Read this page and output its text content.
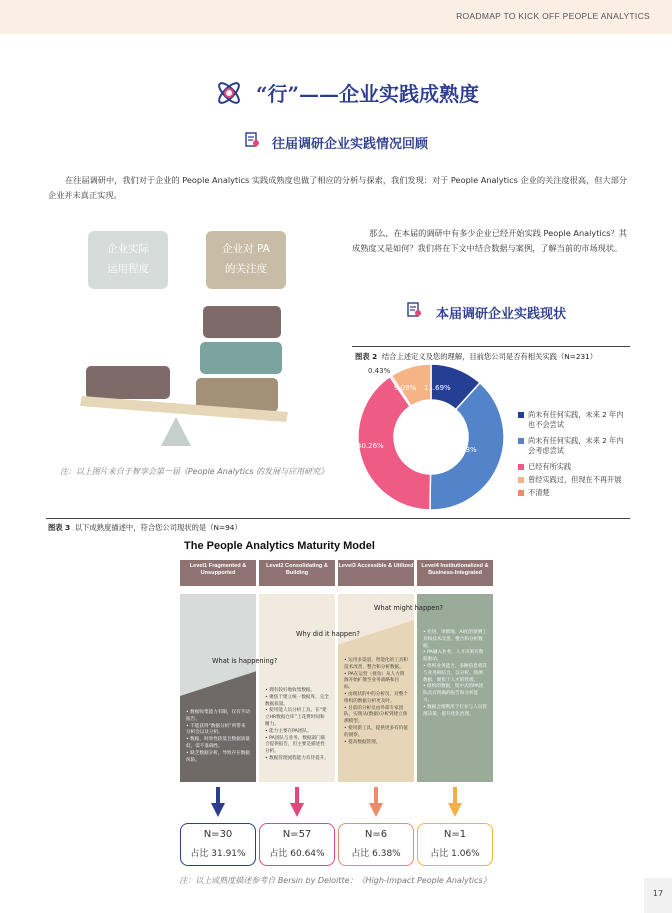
ROADMAP TO KICK OFF PEOPLE ANALYTICS
“行”——企业实践成熟度
往届调研企业实践情况回顾
在往届调研中，我们对于企业的 People Analytics 实践成熟度也做了相应的分析与探索，我们发现：对于 People Analytics 企业的关注度很高，但大部分企业并未真正实现。
企业实际运用程度
企业对 PA 的关注度
注：以上图片来自于智享会第一届《People Analytics 的发展与应用研究》
那么，在本届的调研中有多少企业已经开始实践 People Analytics？其成熟度又是如何？我们将在下文中结合数据与案例，了解当前的市场现状。
本届调研企业实践现状
图表 2 结合上述定义及您的理解，目前您公司是否有相关实践（N=231）
11.69%
38.53%
40.26%
0.43%
9.09%
尚未有任何实践，未来 2 年内也不会尝试
尚未有任何实践，未来 2 年内会考虑尝试
已经有所实践
曾经实践过，但现在不再开展
不清楚
图表 3 以下成熟度描述中，符合您公司现状的是（N=94）
The People Analytics Maturity Model
Level1 Fragmented & Unsupported
• 数据收集能力有限，仅有手动报告。
• 不能获得“数据分析”所带来分析会以及分析。
• 数据，时效性较低且数据质量低，需不准确性。
• 缺乏数据分析，导致存在数据风险。
Level2 Consolidating & Building
• 拥有较好地收集数据。
• 聚焦于建立统一数据库，完全数据质量。
• 使用能人员分析工具，在“建立HR数据仓库”上花费时间和精力。
• 能力主要在PA团队。
• PA团队与业务、数据部门联合提供报告，但主要是描述性分析。
• 数据管理流程能力有待提升。
Level3 Accessible & Utilized
• 运用多渠道、智能化的工具和技术改善、整合和分析数据。
• PA在运营（视角）从人力资源开始扩散至业务战略和目标。
• 由现状的中的分析员，对整个组织的数据分析更及时。
• 目前的分析员由外部专家团队，实现从(数据)分析到建立预测模型。
• 使用新工具，提供更多有价值的洞察。
• 提高数据管理。
Level4 Institutionalized & Business-Integrated
• 先进、审慎地、AI化的预测工具和技术改善、整合和分析数据。
• PA融入业务，人才决策有数据驱动。
• 组织业务能力，多种信息将其与业务相结合，以分析、预测数据，聚焦于人才的管理。
• 组织的数据，集中式的PA团队具有明确的报告和分析能力。
• 数据合理利用于行业与人员管理决策，提升优化治理。
What is happening?
Why did it happen?
What might happen?
N=30
占比 31.91%
N=57
占比 60.64%
N=6
占比 6.38%
N=1
占比 1.06%
注：以上成熟度描述参考自 Bersin by Deloitte：《High-Impact People Analytics》
17
